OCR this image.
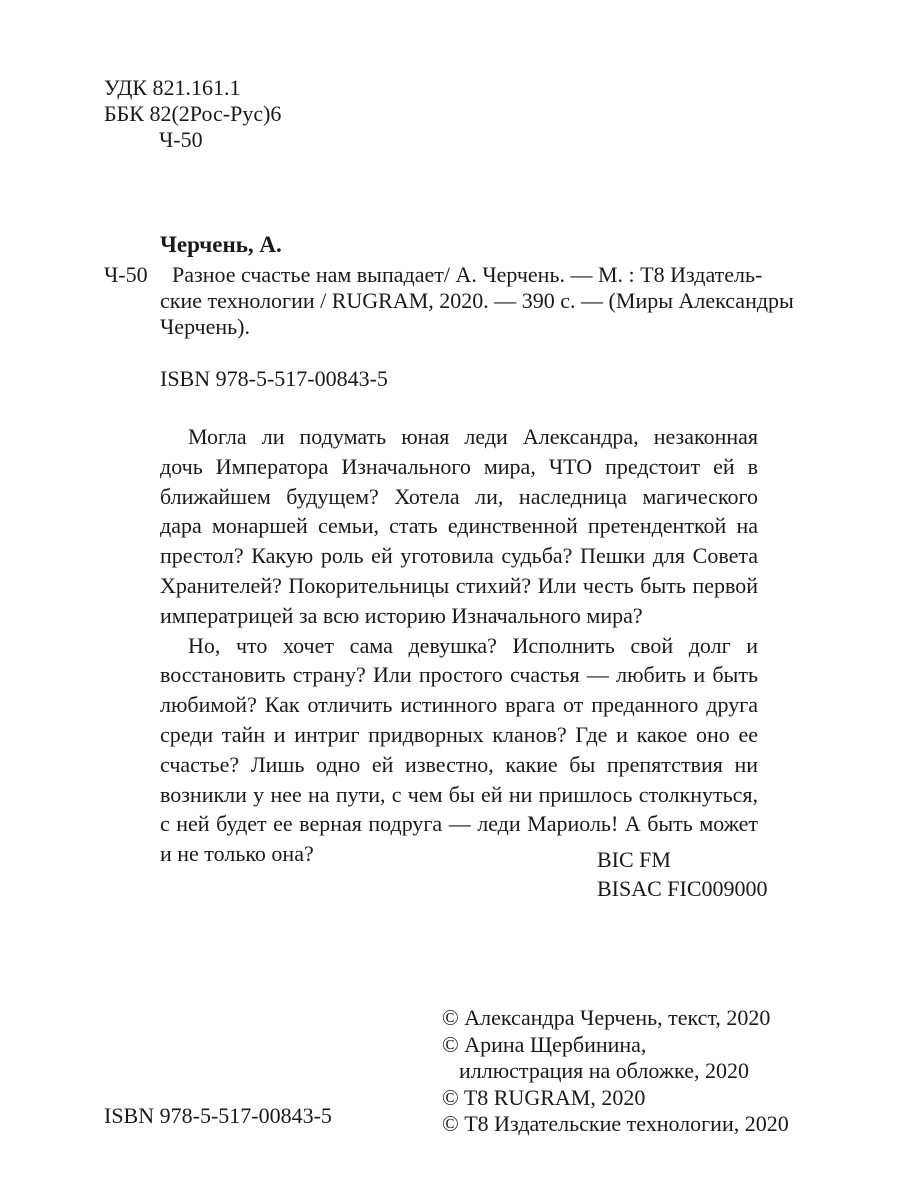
УДК 821.161.1
ББК 82(2Рос-Рус)6
Ч-50
Черчень, А.
Ч-50 Разное счастье нам выпадает/ А. Черчень. — М. : Т8 Издатель-
ские технологии / RUGRAM, 2020. — 390 с. — (Миры Александры
Черчень).
ISBN 978-5-517-00843-5
Могла ли подумать юная леди Александра, незаконная
дочь Императора Изначального мира, ЧТО предстоит ей в
ближайшем будущем? Хотела ли, наследница магического
дара монаршей семьи, стать единственной претенденткой на
престол? Какую роль ей уготовила судьба? Пешки для Совета
Хранителей? Покорительницы стихий? Или честь быть первой
императрицей за всю историю Изначального мира?
Но, что хочет сама девушка? Исполнить свой долг и
восстановить страну? Или простого счастья — любить и быть
любимой? Как отличить истинного врага от преданного друга
среди тайн и интриг придворных кланов? Где и какое оно ее
счастье? Лишь одно ей известно, какие бы препятствия ни
возникли у нее на пути, с чем бы ей ни пришлось столкнуться,
с ней будет ее верная подруга — леди Мариоль! А быть может
и не только она?	BIC FM
BISAC FIC009000
© Александра Черчень, текст, 2020
© Арина Щербинина,
иллюстрация на обложке, 2020
© T8 RUGRAM, 2020
© Т8 Издательские технологии, 2020
ISBN 978-5-517-00843-5
